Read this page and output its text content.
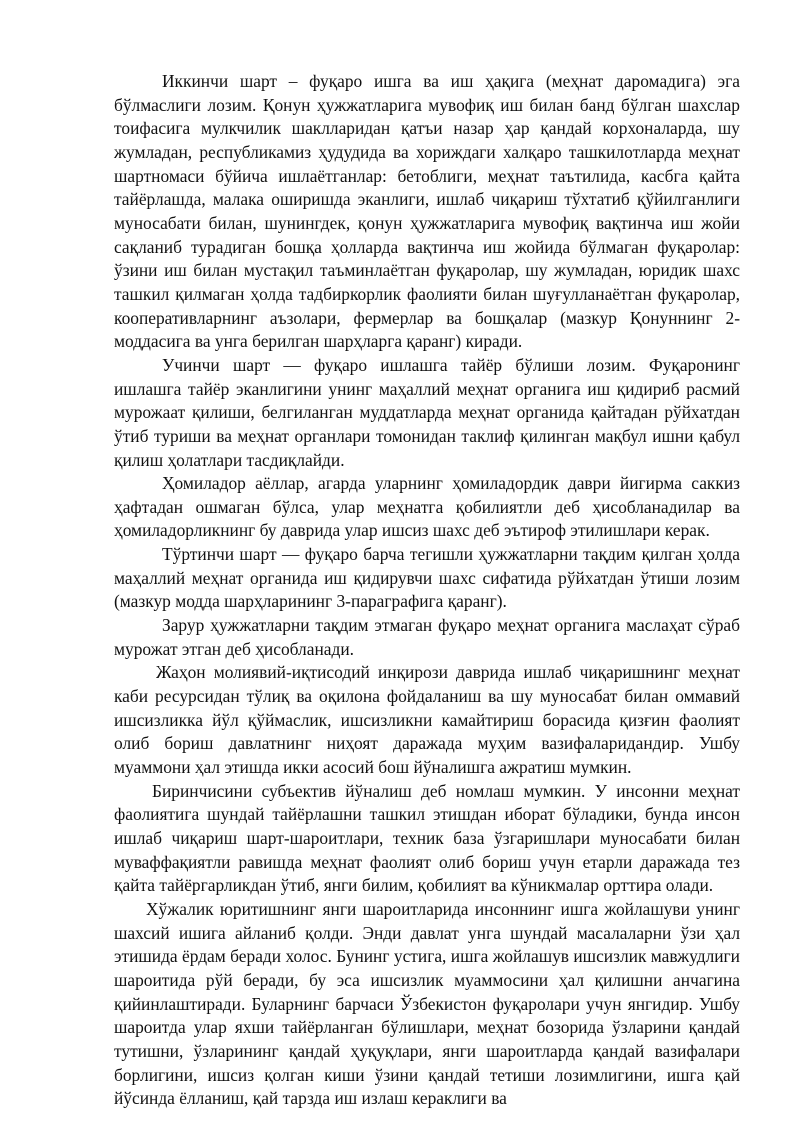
Иккинчи шарт – фуқаро ишга ва иш ҳақига (меҳнат даромадига) эга бўлмаслиги лозим. Қонун ҳужжатларига мувофиқ иш билан банд бўлган шахслар тоифасига мулкчилик шаклларидан қатъи назар ҳар қандай корхоналарда, шу жумладан, республикамиз ҳудудида ва хориждаги халқаро ташкилотларда меҳнат шартномаси бўйича ишлаётганлар: бетоблиги, меҳнат таътилида, касбга қайта тайёрлашда, малака оширишда эканлиги, ишлаб чиқариш тўхтатиб қўйилганлиги муносабати билан, шунингдек, қонун ҳужжатларига мувофиқ вақтинча иш жойи сақланиб турадиган бошқа ҳолларда вақтинча иш жойида бўлмаган фуқаролар: ўзини иш билан мустақил таъминлаётган фуқаролар, шу жумладан, юридик шахс ташкил қилмаган ҳолда тадбиркорлик фаолияти билан шуғулланаётган фуқаролар, кооперативларнинг аъзолари, фермерлар ва бошқалар (мазкур Қонуннинг 2-моддасига ва унга берилган шарҳларга қаранг) киради.

Учинчи шарт — фуқаро ишлашга тайёр бўлиши лозим. Фуқаронинг ишлашга тайёр эканлигини унинг маҳаллий меҳнат органига иш қидириб расмий мурожаат қилиши, белгиланган муддатларда меҳнат органида қайтадан рўйхатдан ўтиб туриши ва меҳнат органлари томонидан таклиф қилинган мақбул ишни қабул қилиш ҳолатлари тасдиқлайди.

Ҳомиладор аёллар, агарда уларнинг ҳомиладордик даври йигирма саккиз ҳафтадан ошмаган бўлса, улар меҳнатга қобилиятли деб ҳисобланадилар ва ҳомиладорликнинг бу даврида улар ишсиз шахс деб эътироф этилишлари керак.

Тўртинчи шарт — фуқаро барча тегишли ҳужжатларни тақдим қилган ҳолда маҳаллий меҳнат органида иш қидирувчи шахс сифатида рўйхатдан ўтиши лозим (мазкур модда шарҳларининг 3-параграфига қаранг).

Зарур ҳужжатларни тақдим этмаган фуқаро меҳнат органига маслаҳат сўраб мурожат этган деб ҳисобланади.

Жаҳон молиявий-иқтисодий инқирози даврида ишлаб чиқаришнинг меҳнат каби ресурсидан тўлиқ ва оқилона фойдаланиш ва шу муносабат билан оммавий ишсизликка йўл қўймаслик, ишсизликни камайтириш борасида қизғин фаолият олиб бориш давлатнинг ниҳоят даражада муҳим вазифаларидандир. Ушбу муаммони ҳал этишда икки асосий бош йўналишга ажратиш мумкин.

Биринчисини субъектив йўналиш деб номлаш мумкин. У инсонни меҳнат фаолиятига шундай тайёрлашни ташкил этишдан иборат бўладики, бунда инсон ишлаб чиқариш шарт-шароитлари, техник база ўзгаришлари муносабати билан муваффақиятли равишда меҳнат фаолият олиб бориш учун етарли даражада тез қайта тайёргарликдан ўтиб, янги билим, қобилият ва кўникмалар орттира олади.

Хўжалик юритишнинг янги шароитларида инсоннинг ишга жойлашуви унинг шахсий ишига айланиб қолди. Энди давлат унга шундай масалаларни ўзи ҳал этишида ёрдам беради холос. Бунинг устига, ишга жойлашув ишсизлик мавжудлиги шароитида рўй беради, бу эса ишсизлик муаммосини ҳал қилишни анчагина қийинлаштиради. Буларнинг барчаси Ўзбекистон фуқаролари учун янгидир. Ушбу шароитда улар яхши тайёрланган бўлишлари, меҳнат бозорида ўзларини қандай тутишни, ўзларининг қандай ҳуқуқлари, янги шароитларда қандай вазифалари борлигини, ишсиз қолган киши ўзини қандай тетиши лозимлигини, ишга қай йўсинда ёлланиш, қай тарзда иш излаш кераклиги ва
